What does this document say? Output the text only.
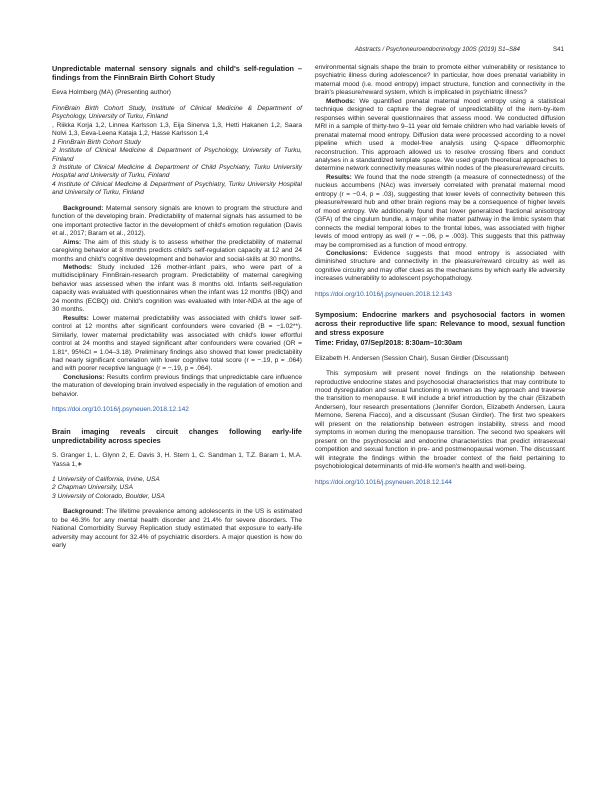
Abstracts / Psychoneuroendocrinology 100S (2019) S1–S84	S41

Unpredictable maternal sensory signals and child's self-regulation – findings from the FinnBrain Birth Cohort Study

Eeva Holmberg (MA) (Presenting author)

FinnBrain Birth Cohort Study, Institute of Clinical Medicine & Department of Psychology, University of Turku, Finland

, Riikka Korja 1,2, Linnea Karlsson 1,3, Eija Sinerva 1,3, Hetti Hakanen 1,2, Saara Nolvi 1,3, Eeva-Leena Kataja 1,2, Hasse Karlsson 1,4

1 FinnBrain Birth Cohort Study

2 Institute of Clinical Medicine & Department of Psychology, University of Turku, Finland

3 Institute of Clinical Medicine & Department of Child Psychiatry, Turku University Hospital and University of Turku, Finland

4 Institute of Clinical Medicine & Department of Psychiatry, Turku University Hospital and University of Turku, Finland

Background: Maternal sensory signals are known to program the structure and function of the developing brain. Predictability of maternal signals has assumed to be one important protective factor in the development of child's emotion regulation (Davis et al., 2017; Baram et al., 2012).

Aims: The aim of this study is to assess whether the predictability of maternal caregiving behavior at 8 months predicts child's self-regulation capacity at 12 and 24 months and child's cognitive development and behavior and social-skills at 30 months.

Methods: Study included 126 mother-infant pairs, who were part of a multidisciplinary FinnBrain-research program. Predictability of maternal caregiving behavior was assessed when the infant was 8 months old. Infants self-regulation capacity was evaluated with questionnaires when the infant was 12 months (IBQ) and 24 months (ECBQ) old. Child's cognition was evaluated with Inter-NDA at the age of 30 months.

Results: Lower maternal predictability was associated with child's lower self-control at 12 months after significant confounders were covaried (B = −1.02**). Similarly, lower maternal predictability was associated with child's lower effortful control at 24 months and stayed significant after confounders were covaried (OR = 1.81*, 95%CI = 1.04–3.18). Preliminary findings also showed that lower predictability had nearly significant correlation with lower cognitive total score (r = −.19, p = .064) and with poorer receptive language (r = −.19, p = .064).

Conclusions: Results confirm previous findings that unpredictable care influence the maturation of developing brain involved especially in the regulation of emotion and behavior.

https://doi.org/10.1016/j.psyneuen.2018.12.142

Brain imaging reveals circuit changes following early-life unpredictability across species

S. Granger 1, L. Glynn 2, E. Davis 3, H. Stern 1, C. Sandman 1, T.Z. Baram 1, M.A. Yassa 1,∗

1 University of California, Irvine, USA

2 Chapman University, USA

3 University of Colorado, Boulder, USA

Background: The lifetime prevalence among adolescents in the US is estimated to be 46.3% for any mental health disorder and 21.4% for severe disorders. The National Comorbidity Survey Replication study estimated that exposure to early-life adversity may account for 32.4% of psychiatric disorders. A major question is how do early

environmental signals shape the brain to promote either vulnerability or resistance to psychiatric illness during adolescence? In particular, how does prenatal variability in maternal mood (i.e. mood entropy) impact structure, function and connectivity in the brain's pleasure/reward system, which is implicated in psychiatric illness?

Methods: We quantified prenatal maternal mood entropy using a statistical technique designed to capture the degree of unpredictability of the item-by-item responses within several questionnaires that assess mood. We conducted diffusion MRI in a sample of thirty-two 9–11 year old female children who had variable levels of prenatal maternal mood entropy. Diffusion data were processed according to a novel pipeline which used a model-free analysis using Q-space diffeomorphic reconstruction. This approach allowed us to resolve crossing fibers and conduct analyses in a standardized template space. We used graph theoretical approaches to determine network connectivity measures within nodes of the pleasure/reward circuits.

Results: We found that the node strength (a measure of connectedness) of the nucleus accumbens (NAc) was inversely correlated with prenatal maternal mood entropy (r = −0.4, p = .03), suggesting that lower levels of connectivity between this pleasure/reward hub and other brain regions may be a consequence of higher levels of mood entropy. We additionally found that lower generalized fractional anisotropy (GFA) of the cingulum bundle, a major white matter pathway in the limbic system that connects the medial temporal lobes to the frontal lobes, was associated with higher levels of mood entropy as well (r = −.06, p = .003). This suggests that this pathway may be compromised as a function of mood entropy.

Conclusions: Evidence suggests that mood entropy is associated with diminished structure and connectivity in the pleasure/reward circuitry as well as cognitive circuitry and may offer clues as the mechanisms by which early life adversity increases vulnerability to adolescent psychopathology.

https://doi.org/10.1016/j.psyneuen.2018.12.143

Symposium: Endocrine markers and psychosocial factors in women across their reproductive life span: Relevance to mood, sexual function and stress exposure

Time: Friday, 07/Sep/2018: 8:30am–10:30am

Elizabeth H. Andersen (Session Chair), Susan Girdler (Discussant)

This symposium will present novel findings on the relationship between reproductive endocrine states and psychosocial characteristics that may contribute to mood dysregulation and sexual functioning in women as they approach and traverse the transition to menopause. It will include a brief introduction by the chair (Elizabeth Andersen), four research presentations (Jennifer Gordon, Elizabeth Andersen, Laura Mernone, Serena Fiacco), and a discussant (Susan Girdler). The first two speakers will present on the relationship between estrogen instability, stress and mood symptoms in women during the menopause transition. The second two speakers will present on the psychosocial and endocrine characteristics that predict intrasexual competition and sexual function in pre- and postmenopausal women. The discussant will integrate the findings within the broader context of the field pertaining to psychobiological determinants of mid-life women's health and well-being.

https://doi.org/10.1016/j.psyneuen.2018.12.144
